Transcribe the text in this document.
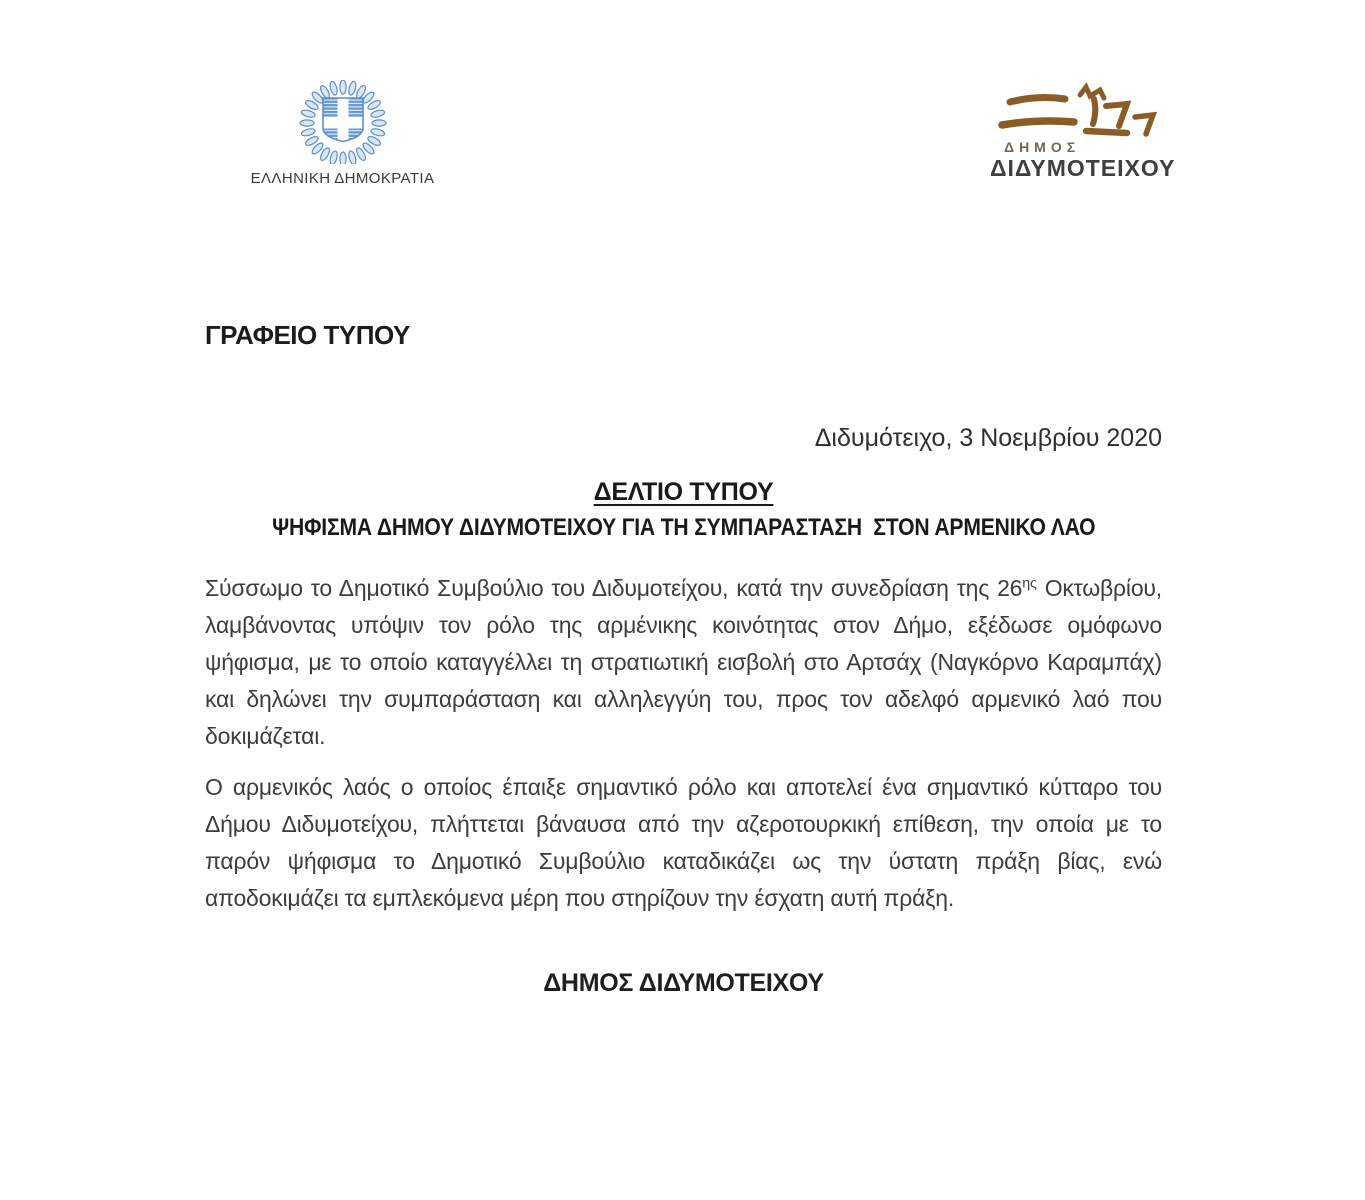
ΕΛΛΗΝΙΚΗ ΔΗΜΟΚΡΑΤΙΑ
ΔΗΜΟΣ
ΔΙΔΥΜΟΤΕΙΧΟΥ
ΓΡΑΦΕΙΟ ΤΥΠΟΥ
Διδυμότειχο, 3 Νοεμβρίου 2020
ΔΕΛΤΙΟ ΤΥΠΟΥ
ΨΗΦΙΣΜΑ ΔΗΜΟΥ ΔΙΔΥΜΟΤΕΙΧΟΥ ΓΙΑ ΤΗ ΣΥΜΠΑΡΑΣΤΑΣΗ  ΣΤΟΝ ΑΡΜΕΝΙΚΟ ΛΑΟ

Σύσσωμο το Δημοτικό Συμβούλιο του Διδυμοτείχου, κατά την συνεδρίαση της $26^{\eta\varsigma}$ Οκτωβρίου, λαμβάνοντας υπόψιν τον ρόλο της αρμένικης κοινότητας στον Δήμο, εξέδωσε ομόφωνο ψήφισμα, με το οποίο καταγγέλλει τη στρατιωτική εισβολή στο Αρτσάχ (Ναγκόρνο Καραμπάχ) και δηλώνει την συμπαράσταση και αλληλεγγύη του, προς τον αδελφό αρμενικό λαό που δοκιμάζεται.

Ο αρμενικός λαός ο οποίος έπαιξε σημαντικό ρόλο και αποτελεί ένα σημαντικό κύτταρο του Δήμου Διδυμοτείχου, πλήττεται βάναυσα από την αζεροτουρκική επίθεση, την οποία με το παρόν ψήφισμα το Δημοτικό Συμβούλιο καταδικάζει ως την ύστατη πράξη βίας, ενώ αποδοκιμάζει τα εμπλεκόμενα μέρη που στηρίζουν την έσχατη αυτή πράξη.

ΔΗΜΟΣ ΔΙΔΥΜΟΤΕΙΧΟΥ
